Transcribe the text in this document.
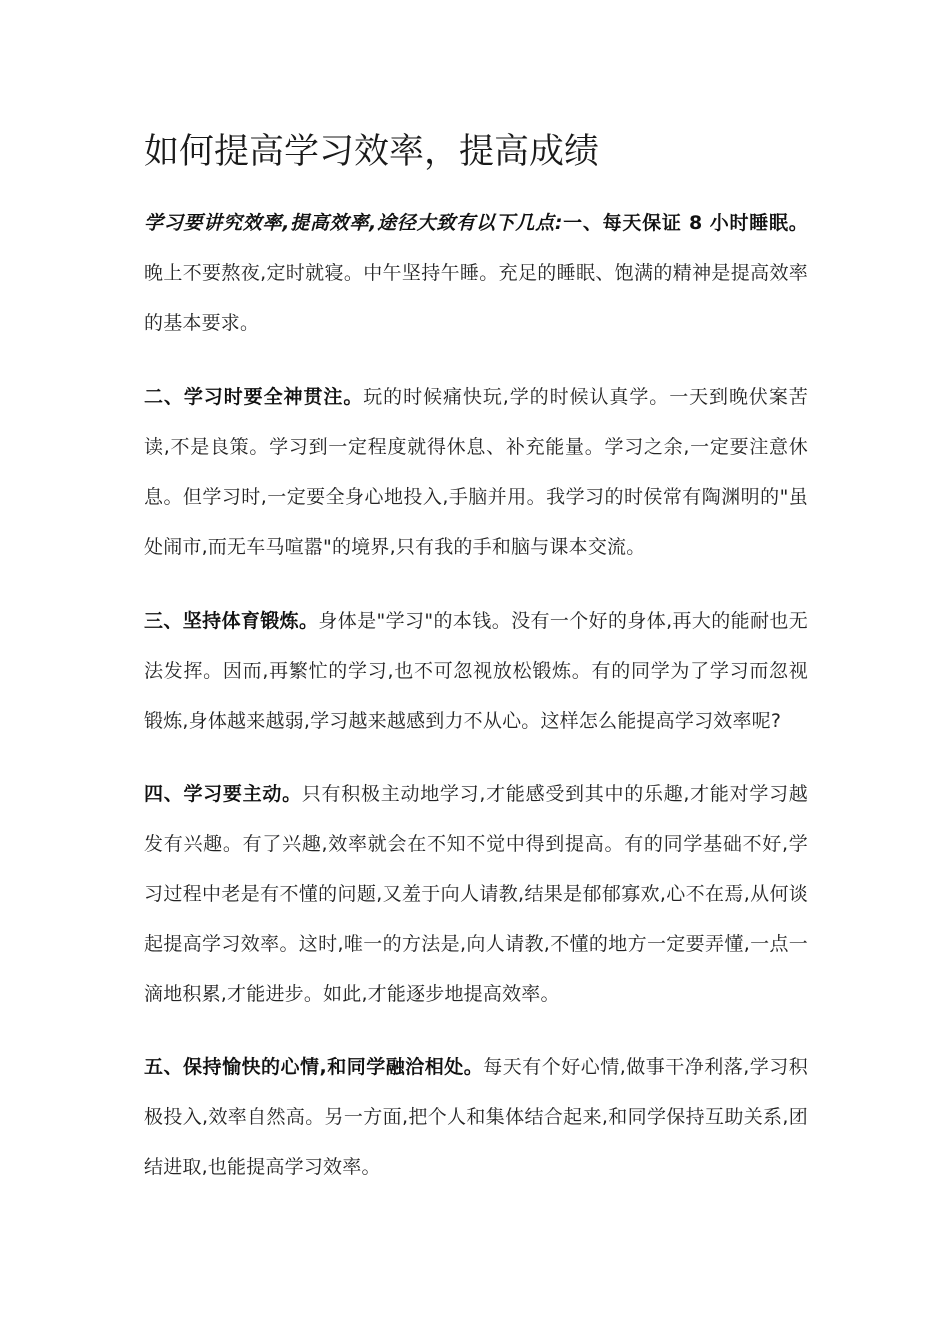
如何提高学习效率，提高成绩

学习要讲究效率,提高效率,途径大致有以下几点:一、每天保证 8 小时睡眠。晚上不要熬夜,定时就寝。中午坚持午睡。充足的睡眠、饱满的精神是提高效率的基本要求。

二、学习时要全神贯注。玩的时候痛快玩,学的时候认真学。一天到晚伏案苦读,不是良策。学习到一定程度就得休息、补充能量。学习之余,一定要注意休息。但学习时,一定要全身心地投入,手脑并用。我学习的时侯常有陶渊明的"虽处闹市,而无车马喧嚣"的境界,只有我的手和脑与课本交流。

三、坚持体育锻炼。身体是"学习"的本钱。没有一个好的身体,再大的能耐也无法发挥。因而,再繁忙的学习,也不可忽视放松锻炼。有的同学为了学习而忽视锻炼,身体越来越弱,学习越来越感到力不从心。这样怎么能提高学习效率呢?

四、学习要主动。只有积极主动地学习,才能感受到其中的乐趣,才能对学习越发有兴趣。有了兴趣,效率就会在不知不觉中得到提高。有的同学基础不好,学习过程中老是有不懂的问题,又羞于向人请教,结果是郁郁寡欢,心不在焉,从何谈起提高学习效率。这时,唯一的方法是,向人请教,不懂的地方一定要弄懂,一点一滴地积累,才能进步。如此,才能逐步地提高效率。

五、保持愉快的心情,和同学融洽相处。每天有个好心情,做事干净利落,学习积极投入,效率自然高。另一方面,把个人和集体结合起来,和同学保持互助关系,团结进取,也能提高学习效率。
